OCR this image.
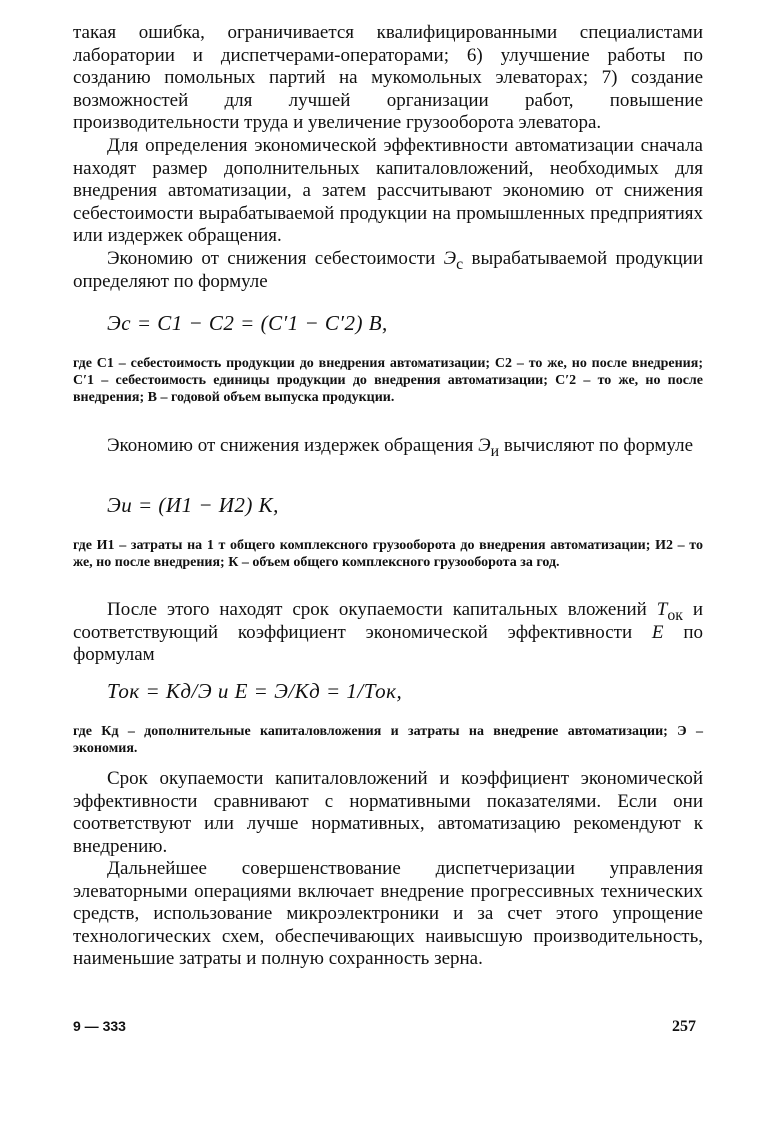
такая ошибка, ограничивается квалифицированными специалистами лаборатории и диспетчерами-операторами; 6) улучшение работы по созданию помольных партий на мукомольных элеваторах; 7) создание возможностей для лучшей организации работ, повышение производительности труда и увеличение грузооборота элеватора.

Для определения экономической эффективности автоматизации сначала находят размер дополнительных капиталовложений, необходимых для внедрения автоматизации, а затем рассчитывают экономию от снижения себестоимости вырабатываемой продукции на промышленных предприятиях или издержек обращения.

Экономию от снижения себестоимости $Э_с$ вырабатываемой продукции определяют по формуле

Эс = С1 − С2 = (С′1 − С′2) В,

где С1 – себестоимость продукции до внедрения автоматизации; С2 – то же, но после внедрения; С′1 – себестоимость единицы продукции до внедрения автоматизации; С′2 – то же, но после внедрения; В – годовой объем выпуска продукции.

Экономию от снижения издержек обращения $Э_и$ вычисляют по формуле

Эи = (И1 − И2) К,

где И1 – затраты на 1 т общего комплексного грузооборота до внедрения автоматизации; И2 – то же, но после внедрения; К – объем общего комплексного грузооборота за год.

После этого находят срок окупаемости капитальных вложений $Т_{ок}$ и соответствующий коэффициент экономической эффективности Е по формулам

Ток = Кд/Э и Е = Э/Кд = 1/Ток,

где Кд – дополнительные капиталовложения и затраты на внедрение автоматизации; Э – экономия.

Срок окупаемости капиталовложений и коэффициент экономической эффективности сравнивают с нормативными показателями. Если они соответствуют или лучше нормативных, автоматизацию рекомендуют к внедрению.

Дальнейшее совершенствование диспетчеризации управления элеваторными операциями включает внедрение прогрессивных технических средств, использование микроэлектроники и за счет этого упрощение технологических схем, обеспечивающих наивысшую производительность, наименьшие затраты и полную сохранность зерна.

9 — 333	257
